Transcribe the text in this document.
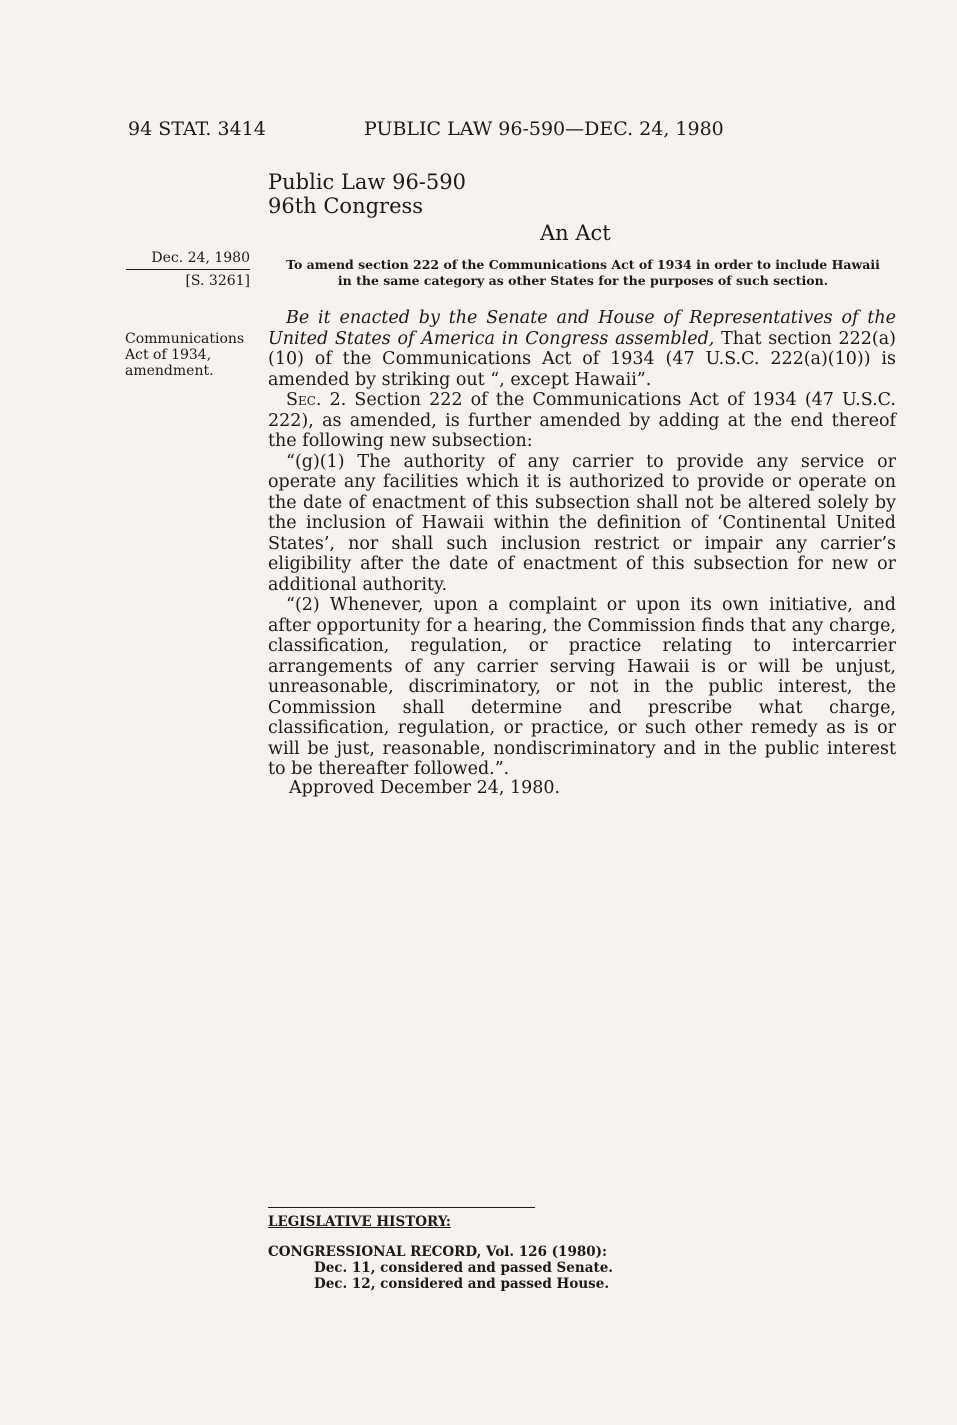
94 STAT. 3414	PUBLIC LAW 96-590—DEC. 24, 1980
Public Law 96-590
96th Congress
An Act
Dec. 24, 1980
[S. 3261]
To amend section 222 of the Communications Act of 1934 in order to include Hawaii
in the same category as other States for the purposes of such section.
Communications
Act of 1934,
amendment.

Be it enacted by the Senate and House of Representatives of the United States of America in Congress assembled, That section 222(a)(10) of the Communications Act of 1934 (47 U.S.C. 222(a)(10)) is amended by striking out “, except Hawaii”.

Sec. 2. Section 222 of the Communications Act of 1934 (47 U.S.C. 222), as amended, is further amended by adding at the end thereof the following new subsection:

“(g)(1) The authority of any carrier to provide any service or operate any facilities which it is authorized to provide or operate on the date of enactment of this subsection shall not be altered solely by the inclusion of Hawaii within the definition of ‘Continental United States’, nor shall such inclusion restrict or impair any carrier’s eligibility after the date of enactment of this subsection for new or additional authority.

“(2) Whenever, upon a complaint or upon its own initiative, and after opportunity for a hearing, the Commission finds that any charge, classification, regulation, or practice relating to intercarrier arrangements of any carrier serving Hawaii is or will be unjust, unreasonable, discriminatory, or not in the public interest, the Commission shall determine and prescribe what charge, classification, regulation, or practice, or such other remedy as is or will be just, reasonable, nondiscriminatory and in the public interest to be thereafter followed.”.

Approved December 24, 1980.
LEGISLATIVE HISTORY:
CONGRESSIONAL RECORD, Vol. 126 (1980):
Dec. 11, considered and passed Senate.
Dec. 12, considered and passed House.
